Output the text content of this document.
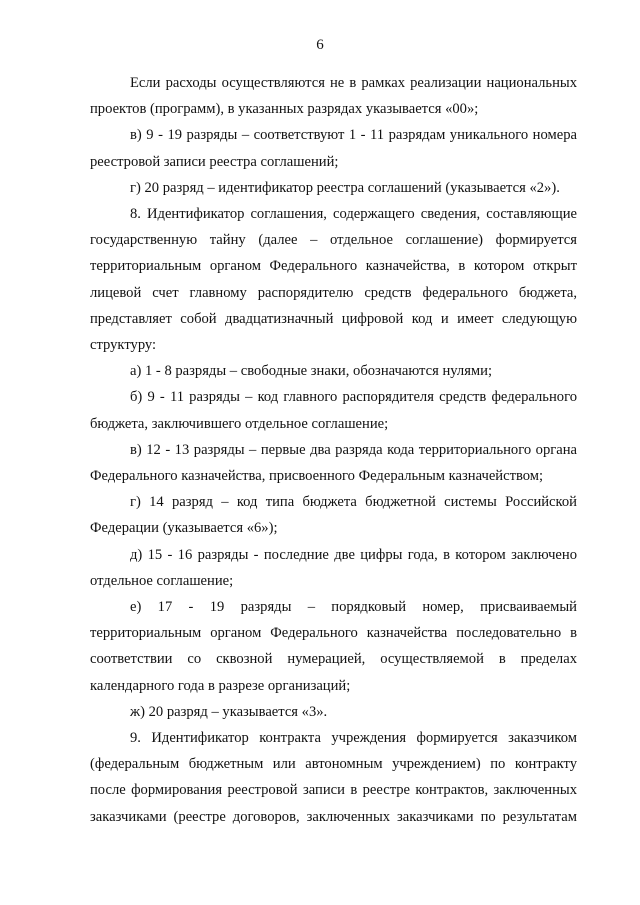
6

Если расходы осуществляются не в рамках реализации национальных проектов (программ), в указанных разрядах указывается «00»;

в) 9 - 19 разряды – соответствуют 1 - 11 разрядам уникального номера реестровой записи реестра соглашений;

г) 20 разряд – идентификатор реестра соглашений (указывается «2»).

8. Идентификатор соглашения, содержащего сведения, составляющие государственную тайну (далее – отдельное соглашение) формируется территориальным органом Федерального казначейства, в котором открыт лицевой счет главному распорядителю средств федерального бюджета, представляет собой двадцатизначный цифровой код и имеет следующую структуру:

а) 1 - 8 разряды – свободные знаки, обозначаются нулями;

б) 9 - 11 разряды – код главного распорядителя средств федерального бюджета, заключившего отдельное соглашение;

в) 12 - 13 разряды – первые два разряда кода территориального органа Федерального казначейства, присвоенного Федеральным казначейством;

г) 14 разряд – код типа бюджета бюджетной системы Российской Федерации (указывается «6»);

д) 15 - 16 разряды - последние две цифры года, в котором заключено отдельное соглашение;

е) 17 - 19 разряды – порядковый номер, присваиваемый территориальным органом Федерального казначейства последовательно в соответствии со сквозной нумерацией, осуществляемой в пределах календарного года в разрезе организаций;

ж) 20 разряд – указывается «3».

9. Идентификатор контракта учреждения формируется заказчиком (федеральным бюджетным или автономным учреждением) по контракту после формирования реестровой записи в реестре контрактов, заключенных заказчиками (реестре договоров, заключенных заказчиками по результатам
